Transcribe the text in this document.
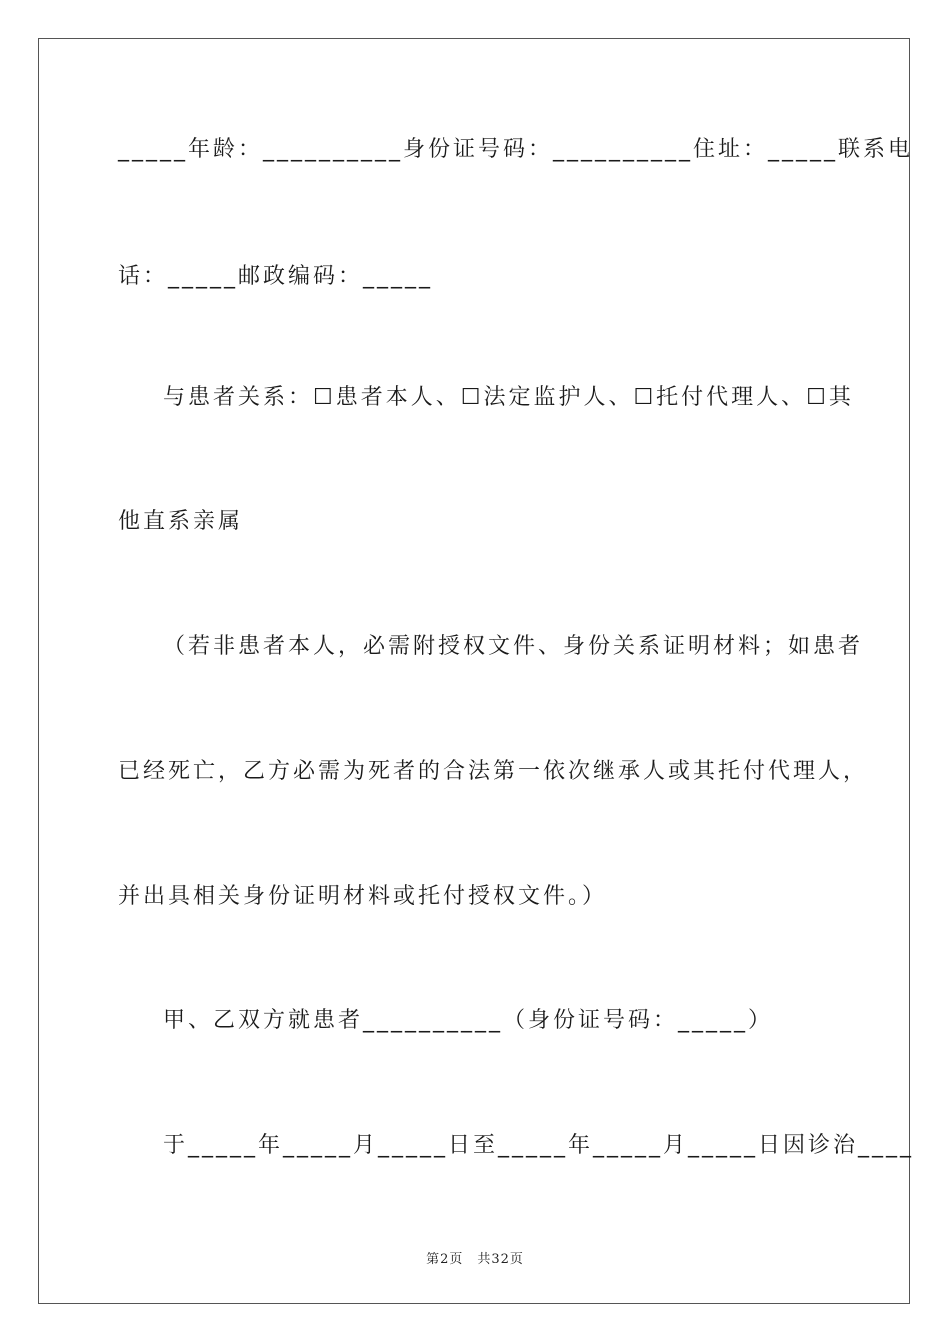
_____年龄：__________身份证号码：__________住址：_____联系电
话：_____邮政编码：_____
与患者关系：☐患者本人、☐法定监护人、☐托付代理人、☐其
他直系亲属
（若非患者本人，必需附授权文件、身份关系证明材料；如患者
已经死亡，乙方必需为死者的合法第一依次继承人或其托付代理人，
并出具相关身份证明材料或托付授权文件。）
甲、乙双方就患者__________（身份证号码：_____）
于_____年_____月_____日至_____年_____月_____日因诊治____
第2页　共32页
